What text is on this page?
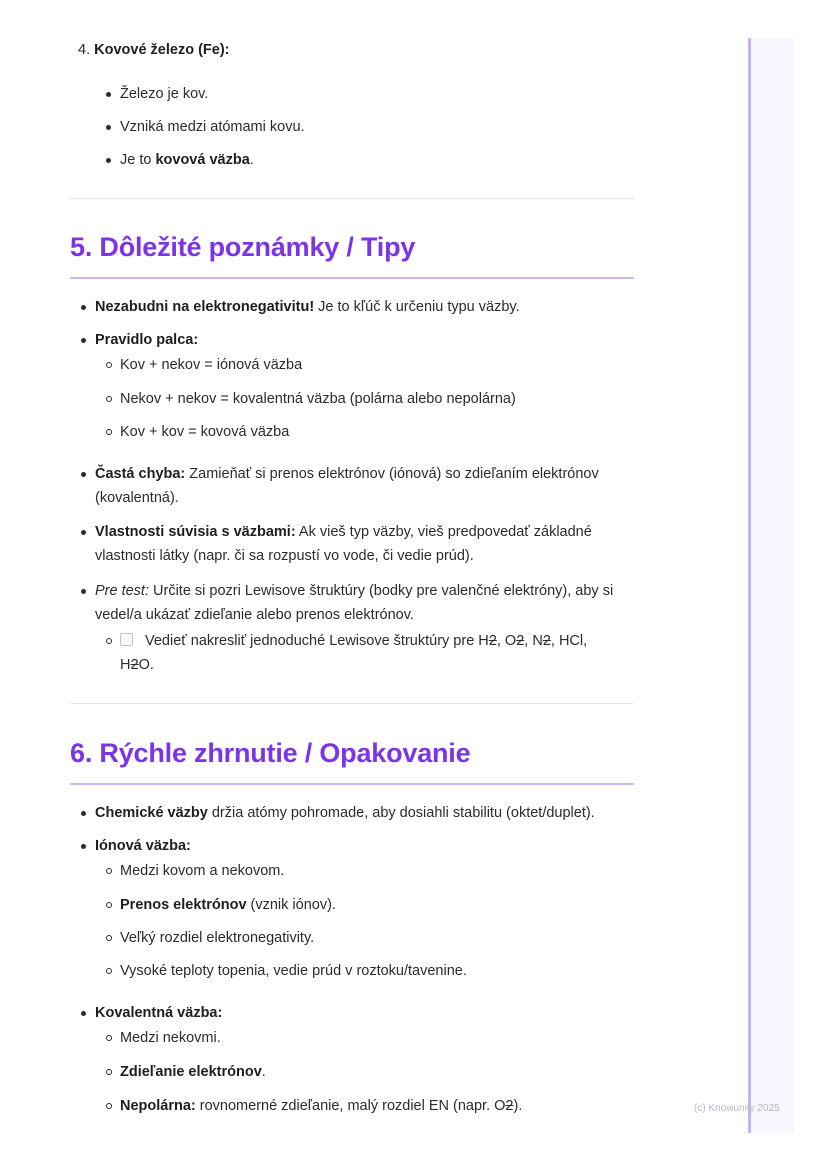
4. Kovové železo (Fe):
Železo je kov.
Vzniká medzi atómami kovu.
Je to kovová väzba.
5. Dôležité poznámky / Tipy
Nezabudni na elektronegativitu! Je to kľúč k určeniu typu väzby.
Pravidlo palca:
Kov + nekov = iónová väzba
Nekov + nekov = kovalentná väzba (polárna alebo nepolárna)
Kov + kov = kovová väzba
Častá chyba: Zamieňať si prenos elektrónov (iónová) so zdieľaním elektrónov (kovalentná).
Vlastnosti súvisia s väzbami: Ak vieš typ väzby, vieš predpovedať základné vlastnosti látky (napr. či sa rozpustí vo vode, či vedie prúd).
Pre test: Určite si pozri Lewisove štruktúry (bodky pre valenčné elektróny), aby si vedel/a ukázať zdieľanie alebo prenos elektrónov.
Vedieť nakresliť jednoduché Lewisove štruktúry pre H2, O2, N2, HCl,
H2O.
6. Rýchle zhrnutie / Opakovanie
Chemické väzby držia atómy pohromade, aby dosiahli stabilitu (oktet/duplet).
Iónová väzba:
Medzi kovom a nekovom.
Prenos elektrónov (vznik iónov).
Veľký rozdiel elektronegativity.
Vysoké teploty topenia, vedie prúd v roztoku/tavenine.
Kovalentná väzba:
Medzi nekovmi.
Zdieľanie elektrónov.
Nepolárna: rovnomerné zdieľanie, malý rozdiel EN (napr. O2).	(c) Knowunity 2025
